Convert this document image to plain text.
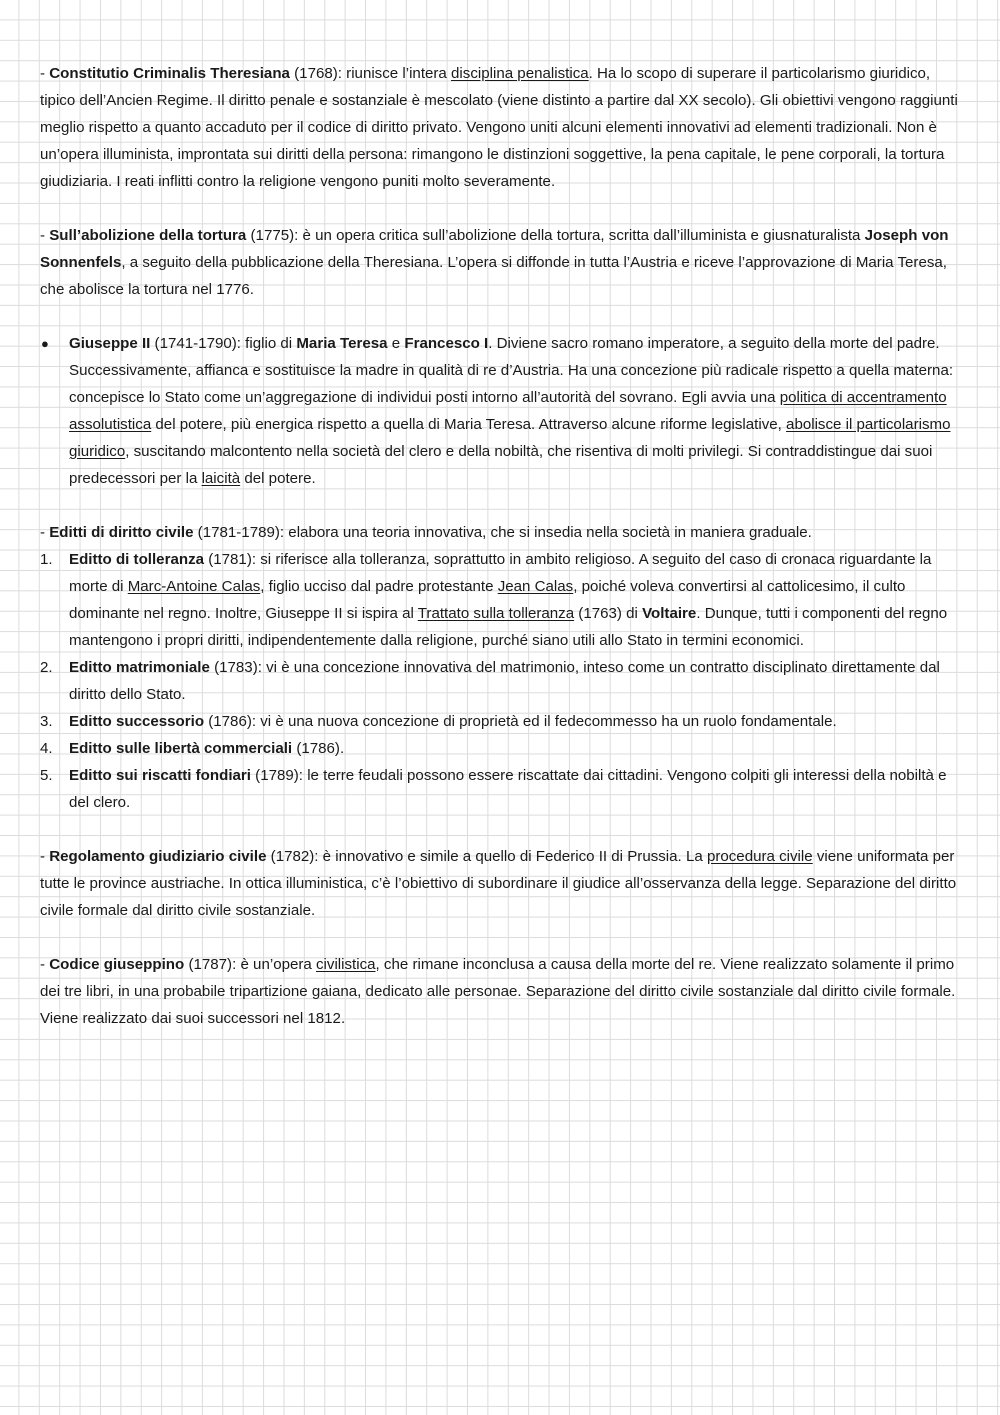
- Constitutio Criminalis Theresiana (1768): riunisce l’intera disciplina penalistica. Ha lo scopo di superare il particolarismo giuridico, tipico dell’Ancien Regime. Il diritto penale e sostanziale è mescolato (viene distinto a partire dal XX secolo). Gli obiettivi vengono raggiunti meglio rispetto a quanto accaduto per il codice di diritto privato. Vengono uniti alcuni elementi innovativi ad elementi tradizionali. Non è un’opera illuminista, improntata sui diritti della persona: rimangono le distinzioni soggettive, la pena capitale, le pene corporali, la tortura giudiziaria. I reati inflitti contro la religione vengono puniti molto severamente.

- Sull’abolizione della tortura (1775): è un opera critica sull’abolizione della tortura, scritta dall’illuminista e giusnaturalista Joseph von Sonnenfels, a seguito della pubblicazione della Theresiana. L’opera si diffonde in tutta l’Austria e riceve l’approvazione di Maria Teresa, che abolisce la tortura nel 1776.

● Giuseppe II (1741-1790): figlio di Maria Teresa e Francesco I. Diviene sacro romano imperatore, a seguito della morte del padre. Successivamente, affianca e sostituisce la madre in qualità di re d’Austria. Ha una concezione più radicale rispetto a quella materna: concepisce lo Stato come un’aggregazione di individui posti intorno all’autorità del sovrano. Egli avvia una politica di accentramento assolutistica del potere, più energica rispetto a quella di Maria Teresa. Attraverso alcune riforme legislative, abolisce il particolarismo giuridico, suscitando malcontento nella società del clero e della nobiltà, che risentiva di molti privilegi. Si contraddistingue dai suoi predecessori per la laicità del potere.

- Editti di diritto civile (1781-1789): elabora una teoria innovativa, che si insedia nella società in maniera graduale.

1. Editto di tolleranza (1781): si riferisce alla tolleranza, soprattutto in ambito religioso. A seguito del caso di cronaca riguardante la morte di Marc-Antoine Calas, figlio ucciso dal padre protestante Jean Calas, poiché voleva convertirsi al cattolicesimo, il culto dominante nel regno. Inoltre, Giuseppe II si ispira al Trattato sulla tolleranza (1763) di Voltaire. Dunque, tutti i componenti del regno mantengono i propri diritti, indipendentemente dalla religione, purché siano utili allo Stato in termini economici.
2. Editto matrimoniale (1783): vi è una concezione innovativa del matrimonio, inteso come un contratto disciplinato direttamente dal diritto dello Stato.
3. Editto successorio (1786): vi è una nuova concezione di proprietà ed il fedecommesso ha un ruolo fondamentale.
4. Editto sulle libertà commerciali (1786).
5. Editto sui riscatti fondiari (1789): le terre feudali possono essere riscattate dai cittadini. Vengono colpiti gli interessi della nobiltà e del clero.

- Regolamento giudiziario civile (1782): è innovativo e simile a quello di Federico II di Prussia. La procedura civile viene uniformata per tutte le province austriache. In ottica illuministica, c’è l’obiettivo di subordinare il giudice all’osservanza della legge. Separazione del diritto civile formale dal diritto civile sostanziale.

- Codice giuseppino (1787): è un’opera civilistica, che rimane inconclusa a causa della morte del re. Viene realizzato solamente il primo dei tre libri, in una probabile tripartizione gaiana, dedicato alle personae. Separazione del diritto civile sostanziale dal diritto civile formale. Viene realizzato dai suoi successori nel 1812.
